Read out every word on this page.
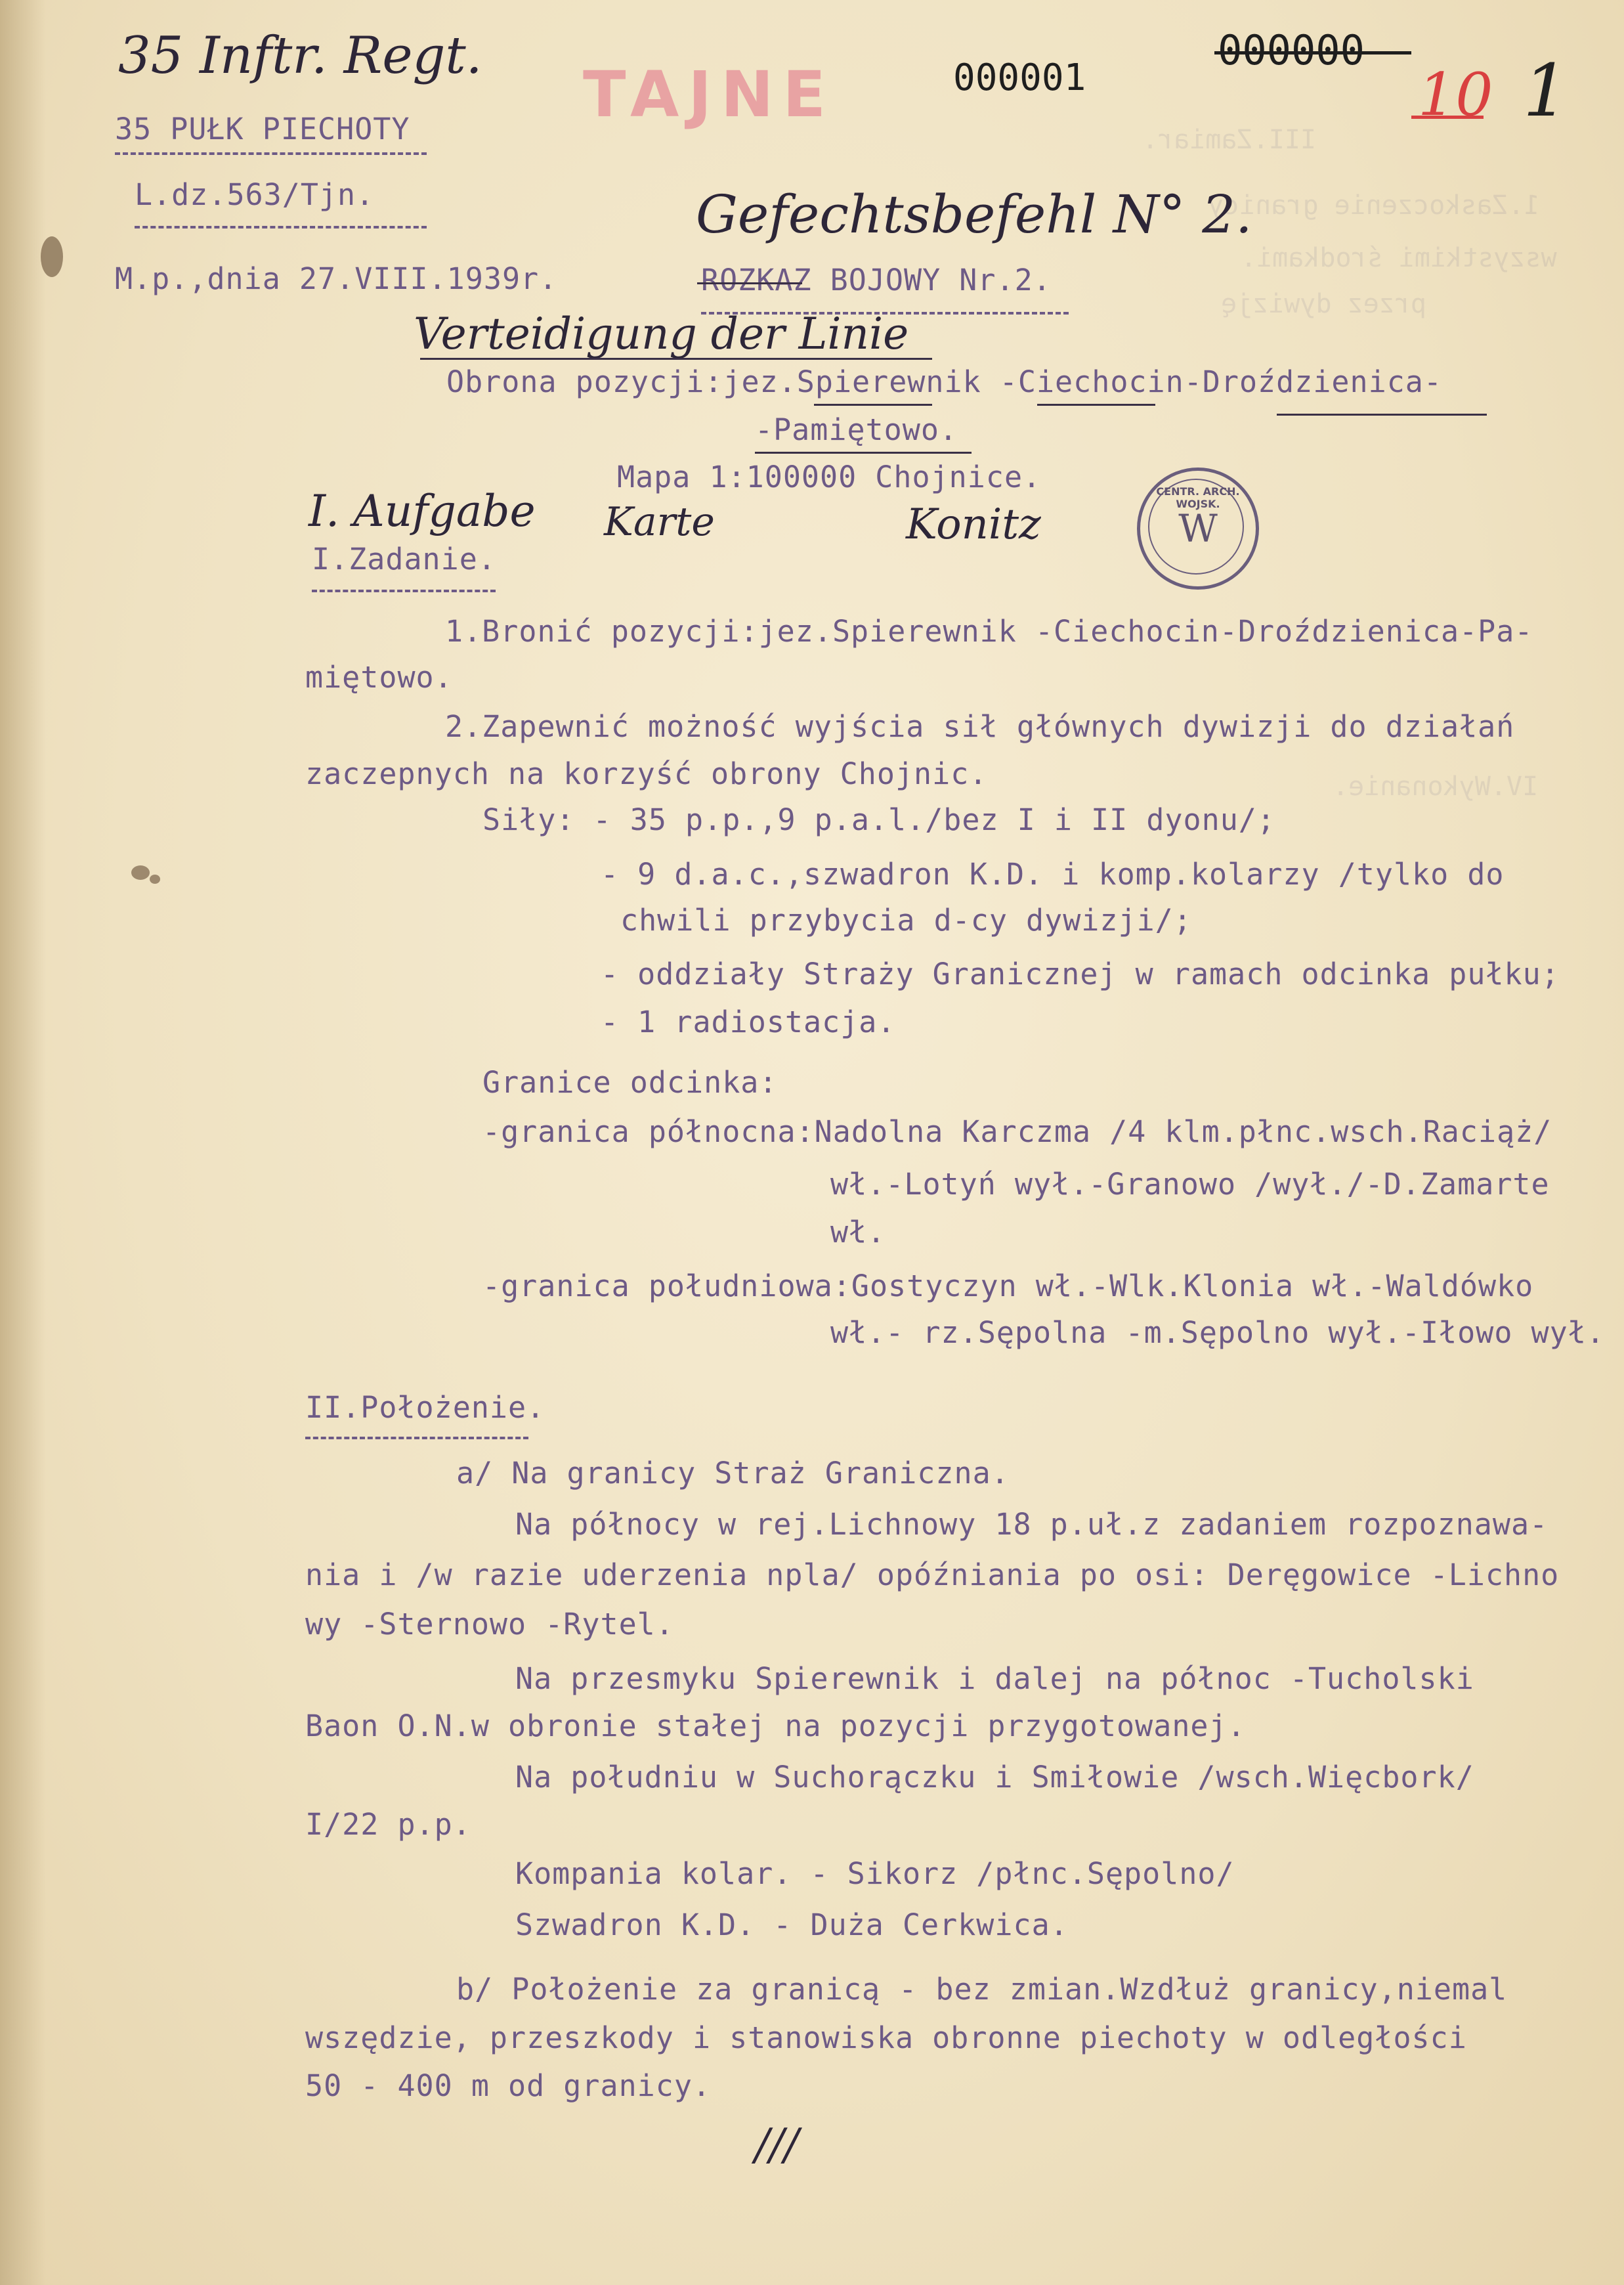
III.Zamiar.
1.Zaskoczenie granicy
wszystkimi środkami.
przez dywizję
IV.Wykonanie.
35 Inftr. Regt.
TAJNE	000001
000000
10 1
35 PUŁK PIECHOTY
L.dz.563/Tjn.
M.p.,dnia 27.VIII.1939r.
Gefechtsbefehl N° 2.
ROZKAZ BOJOWY Nr.2.
Verteidigung der Linie
Obrona pozycji:jez.Spierewnik -Ciechocin-Droździenica-
-Pamiętowo.
Mapa 1:100000 Chojnice.
I. Aufgabe Karte	Konitz
CENTR. ARCH. WOJSK.
W
I.Zadanie.
1.Bronić pozycji:jez.Spierewnik -Ciechocin-Droździenica-Pa-
miętowo.
2.Zapewnić możność wyjścia sił głównych dywizji do działań
zaczepnych na korzyść obrony Chojnic.
Siły: - 35 p.p.,9 p.a.l./bez I i II dyonu/;
- 9 d.a.c.,szwadron K.D. i komp.kolarzy /tylko do
chwili przybycia d-cy dywizji/;
- oddziały Straży Granicznej w ramach odcinka pułku;
- 1 radiostacja.
Granice odcinka:
-granica północna:Nadolna Karczma /4 klm.płnc.wsch.Raciąż/
wł.-Lotyń wył.-Granowo /wył./-D.Zamarte
wł.
-granica południowa:Gostyczyn wł.-Wlk.Klonia wł.-Waldówko
wł.- rz.Sępolna -m.Sępolno wył.-Iłowo wył.
II.Położenie.
a/ Na granicy Straż Graniczna.
Na północy w rej.Lichnowy 18 p.uł.z zadaniem rozpoznawa-
nia i /w razie uderzenia npla/ opóźniania po osi: Deręgowice -Lichno
wy -Sternowo -Rytel.
Na przesmyku Spierewnik i dalej na północ -Tucholski
Baon O.N.w obronie stałej na pozycji przygotowanej.
Na południu w Suchorączku i Smiłowie /wsch.Więcbork/
I/22 p.p.
Kompania kolar. - Sikorz /płnc.Sępolno/
Szwadron K.D. - Duża Cerkwica.
b/ Położenie za granicą - bez zmian.Wzdłuż granicy,niemal
wszędzie, przeszkody i stanowiska obronne piechoty w odległości
50 - 400 m od granicy.
///
